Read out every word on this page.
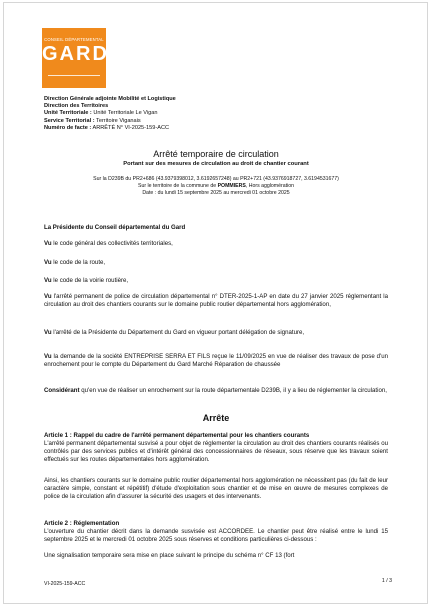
CONSEIL DÉPARTEMENTAL
GARD
Direction Générale adjointe Mobilité et Logistique
Direction des Territoires
Unité Territoriale : Unité Territoriale Le Vigan
Service Territorial : Territoire Viganais
Numéro de facte : ARRÊTÉ N° VI-2025-159-ACC
Arrêté temporaire de circulation
Portant sur des mesures de circulation au droit de chantier courant
Sur la D239B du PR2+686 (43.9379398012, 3.6192657248) au PR2+721 (43.9376918727, 3.6194531677)
Sur le territoire de la commune de POMMIERS, Hors agglomération
Date : du lundi 15 septembre 2025 au mercredi 01 octobre 2025
La Présidente du Conseil départemental du Gard
Vu le code général des collectivités territoriales,
Vu le code de la route,
Vu le code de la voirie routière,
Vu l'arrêté permanent de police de circulation départemental n° DTER-2025-1-AP en date du 27 janvier 2025 réglementant la circulation au droit des chantiers courants sur le domaine public routier départemental hors agglomération,
Vu l'arrêté de la Présidente du Département du Gard en vigueur portant délégation de signature,
Vu la demande de la société ENTREPRISE SERRA ET FILS reçue le 11/09/2025 en vue de réaliser des travaux de pose d'un enrochement pour le compte du Département du Gard Marché Réparation de chaussée
Considérant qu'en vue de réaliser un enrochement sur la route départementale D239B, il y a lieu de réglementer la circulation,
Arrête
Article 1 : Rappel du cadre de l'arrêté permanent départemental pour les chantiers courants
L'arrêté permanent départemental susvisé a pour objet de réglementer la circulation au droit des chantiers courants réalisés ou contrôlés par des services publics et d'intérêt général des concessionnaires de réseaux, sous réserve que les travaux soient effectués sur les routes départementales hors agglomération.
Ainsi, les chantiers courants sur le domaine public routier départemental hors agglomération ne nécessitent pas (du fait de leur caractère simple, constant et répétitif) d'étude d'exploitation sous chantier et de mise en œuvre de mesures complexes de police de la circulation afin d'assurer la sécurité des usagers et des intervenants.
Article 2 : Réglementation
L'ouverture du chantier décrit dans la demande susvisée est ACCORDEE. Le chantier peut être réalisé entre le lundi 15 septembre 2025 et le mercredi 01 octobre 2025 sous réserves et conditions particulières ci-dessous :
Une signalisation temporaire sera mise en place suivant le principe du schéma n° CF 13 (fort
VI-2025-159-ACC	1 / 3
